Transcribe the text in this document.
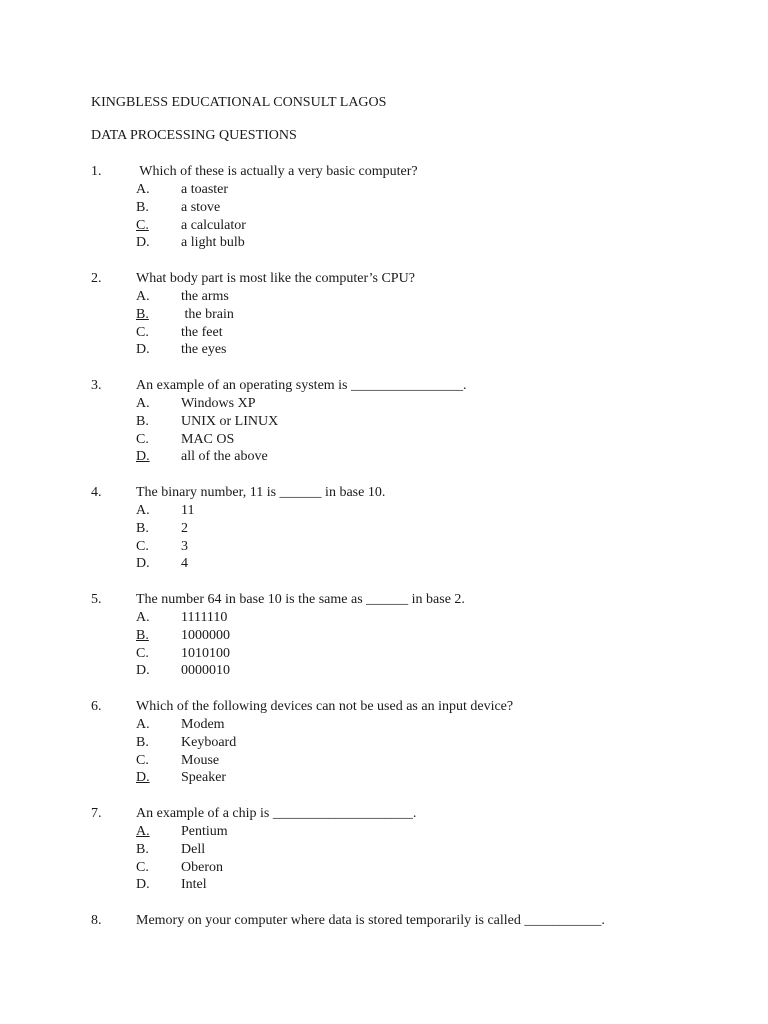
KINGBLESS EDUCATIONAL CONSULT LAGOS
DATA PROCESSING QUESTIONS
1. Which of these is actually a very basic computer?
A. a toaster
B. a stove
C. a calculator
D. a light bulb
2. What body part is most like the computer’s CPU?
A. the arms
B. the brain
C. the feet
D. the eyes
3. An example of an operating system is ________________.
A. Windows XP
B. UNIX or LINUX
C. MAC OS
D. all of the above
4. The binary number, 11 is ______ in base 10.
A. 11
B. 2
C. 3
D. 4
5. The number 64 in base 10 is the same as ______ in base 2.
A. 1111110
B. 1000000
C. 1010100
D. 0000010
6. Which of the following devices can not be used as an input device?
A. Modem
B. Keyboard
C. Mouse
D. Speaker
7. An example of a chip is ____________________.
A. Pentium
B. Dell
C. Oberon
D. Intel
8. Memory on your computer where data is stored temporarily is called ___________.
